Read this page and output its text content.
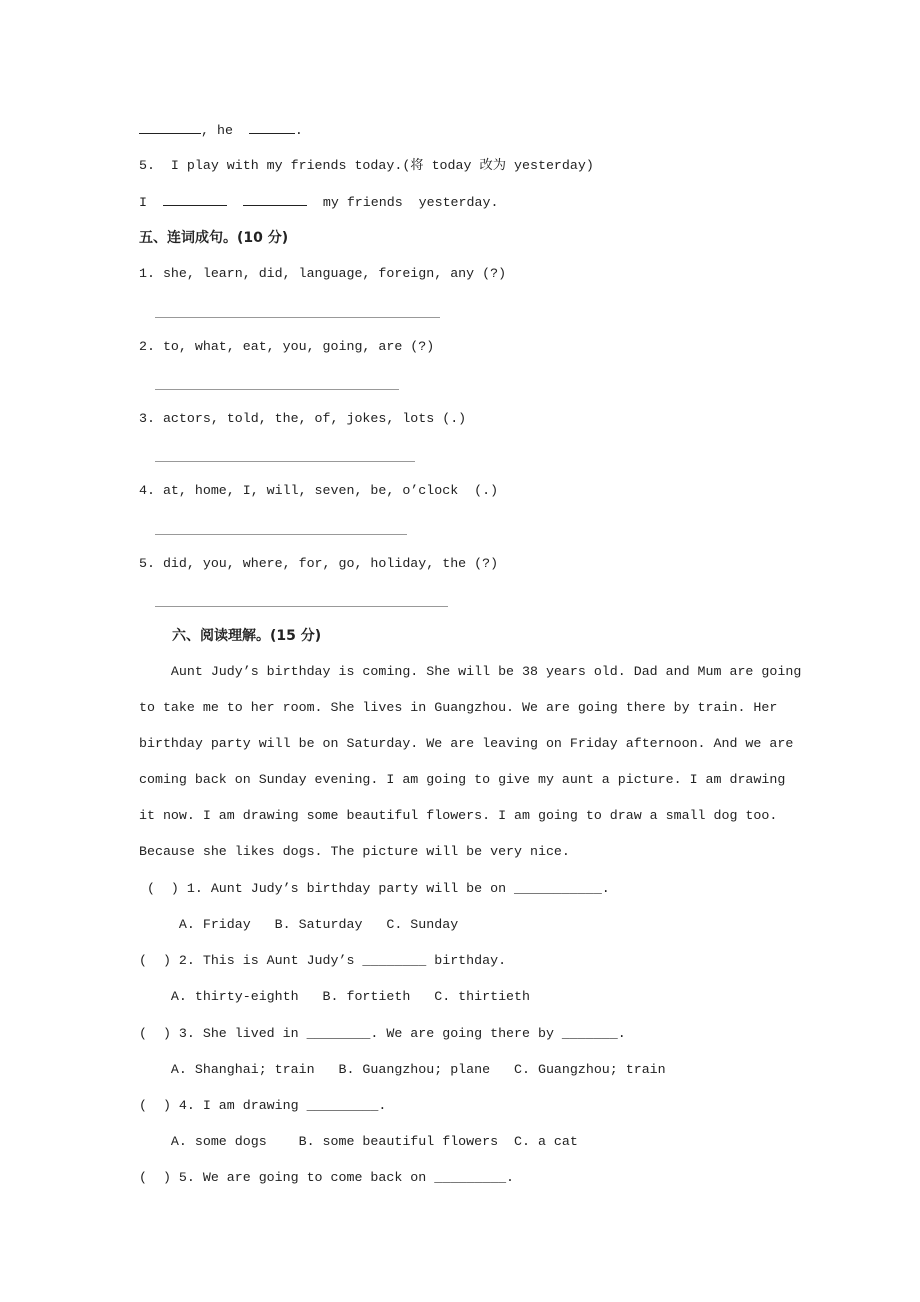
, he	.
5.  I play with my friends today.(将 today 改为 yesterday)
I	my friends  yesterday.
五、连词成句。(10 分)
1. she, learn, did, language, foreign, any (?)
2. to, what, eat, you, going, are (?)
3. actors, told, the, of, jokes, lots (.)
4. at, home, I, will, seven, be, o’clock  (.)
5. did, you, where, for, go, holiday, the (?)
六、阅读理解。(15 分)
Aunt Judy’s birthday is coming. She will be 38 years old. Dad and Mum are going
to take me to her room. She lives in Guangzhou. We are going there by train. Her
birthday party will be on Saturday. We are leaving on Friday afternoon. And we are
coming back on Sunday evening. I am going to give my aunt a picture. I am drawing
it now. I am drawing some beautiful flowers. I am going to draw a small dog too.
Because she likes dogs. The picture will be very nice.
(  ) 1. Aunt Judy’s birthday party will be on ___________.
A. Friday   B. Saturday   C. Sunday
(  ) 2. This is Aunt Judy’s ________ birthday.
A. thirty-eighth   B. fortieth   C. thirtieth
(  ) 3. She lived in ________. We are going there by _______.
A. Shanghai; train   B. Guangzhou; plane   C. Guangzhou; train
(  ) 4. I am drawing _________.
A. some dogs    B. some beautiful flowers  C. a cat
(  ) 5. We are going to come back on _________.
